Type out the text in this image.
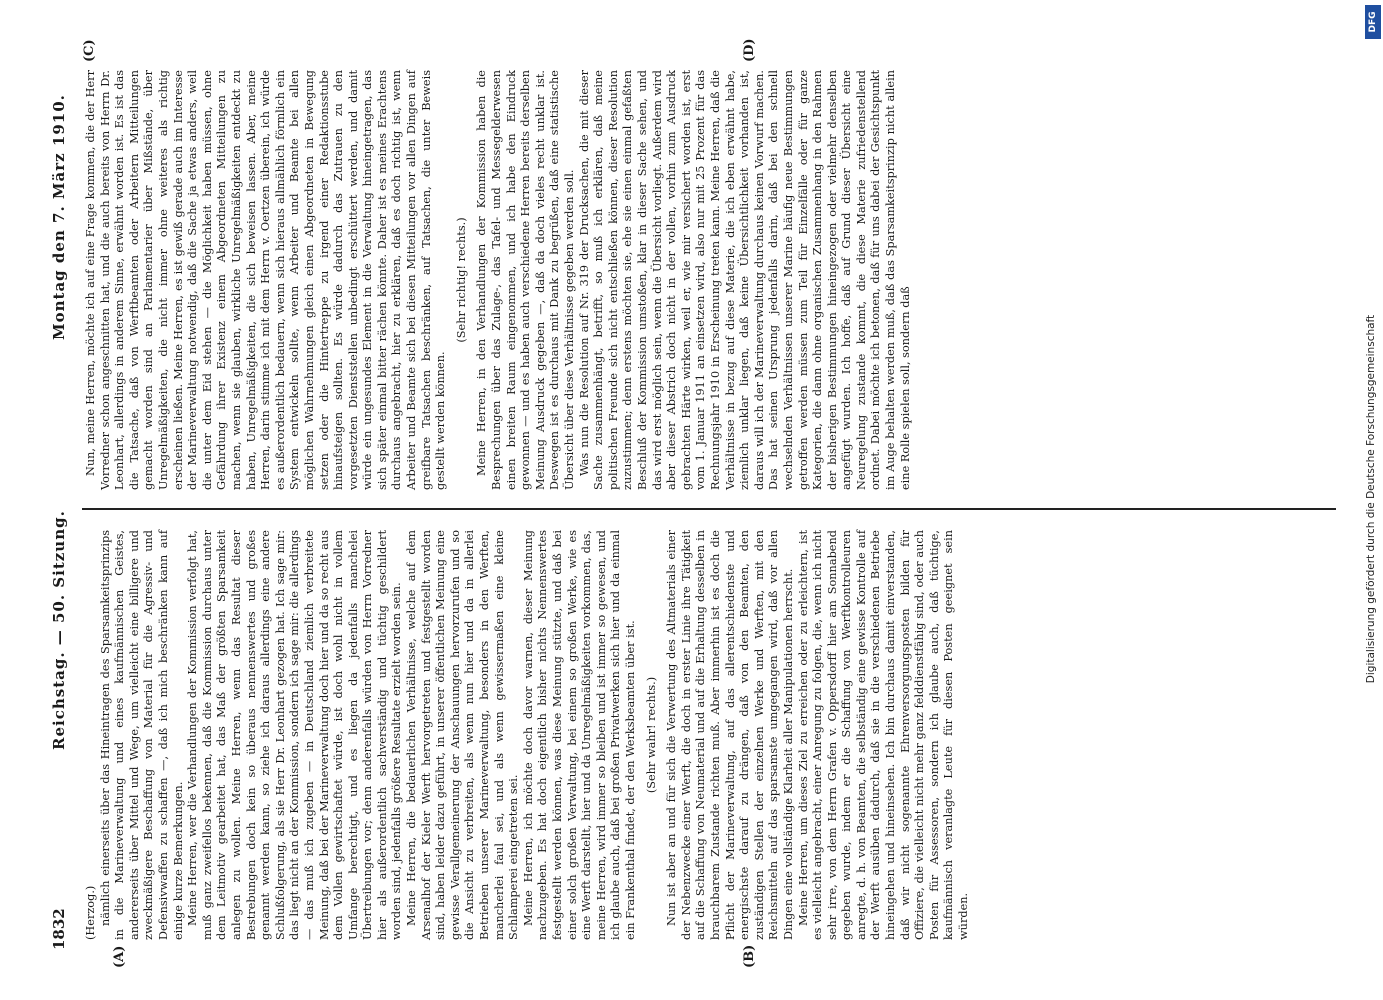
1832
Reichstag. — 50. Sitzung.
Montag den 7. März 1910.
(A)	(B)
(C)	(D)

(Herzog.) nämlich einerseits über das Hineintragen des Sparsamkeitsprinzips in die Marineverwaltung und eines kaufmännischen Geistes, andererseits über Mittel und Wege, um vielleicht eine billigere und zweckmäßigere Beschaffung von Material für die Agressiv- und Defensivwaffen zu schaffen —, daß ich mich beschränken kann auf einige kurze Bemerkungen. Meine Herren, wer die Verhandlungen der Kommission verfolgt hat, muß ganz zweifellos bekennen, daß die Kommission durchaus unter dem Leitmotiv gearbeitet hat, das Maß der größten Sparsamkeit anlegen zu wollen. Meine Herren, wenn das Resultat dieser Bestrebungen doch kein so überaus nennenswertes und großes genannt werden kann, so ziehe ich daraus allerdings eine andere Schlußfolgerung, als sie Herr Dr. Leonhart gezogen hat. Ich sage mir: das liegt nicht an der Kommission, sondern ich sage mir: die allerdings — das muß ich zugeben — in Deutschland ziemlich verbreitete Meinung, daß bei der Marineverwaltung doch hier und da so recht aus dem Vollen gewirtschaftet würde, ist doch wohl nicht in vollem Umfange berechtigt, und es liegen da jedenfalls manchelei Übertreibungen vor; denn anderenfalls würden von Herrn Vorredner hier als außerordentlich sachverständig und tüchtig geschildert worden sind, jedenfalls größere Resultate erzielt worden sein. Meine Herren, die bedauerlichen Verhältnisse, welche auf dem Arsenalhof der Kieler Werft hervorgetreten und festgestellt worden sind, haben leider dazu geführt, in unserer öffentlichen Meinung eine gewisse Verallgemeinerung der Anschauungen hervorzurufen und so die Ansicht zu verbreiten, als wenn nun hier und da in allerlei Betrieben unserer Marineverwaltung, besonders in den Werften, mancherlei faul sei, und als wenn gewissermaßen eine kleine Schlamperei eingetreten sei. Meine Herren, ich möchte doch davor warnen, dieser Meinung nachzugeben. Es hat doch eigentlich bisher nichts Nennenswertes festgestellt werden können, was diese Meinung stützte, und daß bei einer solch großen Verwaltung, bei einem so großen Werke, wie es eine Werft darstellt, hier und da Unregelmäßigkeiten vorkommen, das, meine Herren, wird immer so bleiben und ist immer so gewesen, und ich glaube auch, daß bei großen Privatwerken sich hier und da einmal ein Frankenthal findet, der den Werksbeamten über ist. (Sehr wahr! rechts.) Nun ist aber an und für sich die Verwertung des Altmaterials einer der Nebenzwecke einer Werft, die doch in erster Linie ihre Tätigkeit auf die Schaffung von Neumaterial und auf die Erhaltung desselben in brauchbarem Zustande richten muß. Aber immerhin ist es doch die Pflicht der Marineverwaltung, auf das allerentschiedenste und energischste darauf zu drängen, daß von den Beamten, den zuständigen Stellen der einzelnen Werke und Werften, mit den Reichsmitteln auf das sparsamste umgegangen wird, daß vor allen Dingen eine vollständige Klarheit aller Manipulationen herrscht. Meine Herren, um dieses Ziel zu erreichen oder zu erleichtern, ist es vielleicht angebracht, einer Anregung zu folgen, die, wenn ich nicht sehr irre, von dem Herrn Grafen v. Oppersdorff hier am Sonnabend gegeben wurde, indem er die Schaffung von Werftkontrolleuren anregte, d. h. von Beamten, die selbständig eine gewisse Kontrolle auf der Werft ausüben dadurch, daß sie in die verschiedenen Betriebe hineingehen und hineinsehen. Ich bin durchaus damit einverstanden, daß wir nicht sogenannte Ehrenversorgungsposten bilden für Offiziere, die vielleicht nicht mehr ganz felddienstfähig sind, oder auch Posten für Assessoren, sondern ich glaube auch, daß tüchtige, kaufmännisch veranlagte Leute für diesen Posten geeignet sein würden.

Nun, meine Herren, möchte ich auf eine Frage kommen, die der Herr Vorredner schon angeschnitten hat, und die auch bereits von Herrn Dr. Leonhart, allerdings in anderem Sinne, erwähnt worden ist. Es ist das die Tatsache, daß von Werftbeamten oder Arbeitern Mitteilungen gemacht worden sind an Parlamentarier über Mißstände, über Unregelmäßigkeiten, die nicht immer ohne weiteres als richtig erscheinen ließen. Meine Herren, es ist gewiß gerade auch im Interesse der Marineverwaltung notwendig, daß die Sache ja etwas anders, weil die unter dem Eid stehen — die Möglichkeit haben müssen, ohne Gefährdung ihrer Existenz einem Abgeordneten Mitteilungen zu machen, wenn sie glauben, wirkliche Unregelmäßigkeiten entdeckt zu haben, Unregelmäßigkeiten, die sich beweisen lassen. Aber, meine Herren, darin stimme ich mit dem Herrn v. Oertzen überein, ich würde es außerordentlich bedauern, wenn sich hieraus allmählich förmlich ein System entwickeln sollte, wenn Arbeiter und Beamte bei allen möglichen Wahrnehmungen gleich einen Abgeordneten in Bewegung setzen oder die Hintertreppe zu irgend einer Redaktionsstube hinaufsteigen sollten. Es würde dadurch das Zutrauen zu den vorgesetzten Dienststellen unbedingt erschüttert werden, und damit würde ein ungesundes Element in die Verwaltung hineingetragen, das sich später einmal bitter rächen könnte. Daher ist es meines Erachtens durchaus angebracht, hier zu erklären, daß es doch richtig ist, wenn Arbeiter und Beamte sich bei diesen Mitteilungen vor allen Dingen auf greifbare Tatsachen beschränken, auf Tatsachen, die unter Beweis gestellt werden können.

(Sehr richtig! rechts.) Meine Herren, in den Verhandlungen der Kommission haben die Besprechungen über das Zulage-, das Tafel- und Messegelderwesen einen breiten Raum eingenommen, und ich habe den Eindruck gewonnen — und es haben auch verschiedene Herren bereits derselben Meinung Ausdruck gegeben —, daß da doch vieles recht unklar ist. Deswegen ist es durchaus mit Dank zu begrüßen, daß eine statistische Übersicht über diese Verhältnisse gegeben werden soll. Was nun die Resolution auf Nr. 319 der Drucksachen, die mit dieser Sache zusammenhängt, betrifft, so muß ich erklären, daß meine politischen Freunde sich nicht entschließen können, dieser Resolution zuzustimmen; denn erstens möchten sie, ehe sie einen einmal gefaßten Beschluß der Kommission umstoßen, klar in dieser Sache sehen, und das wird erst möglich sein, wenn die Übersicht vorliegt. Außerdem wird aber dieser Abstrich doch nicht in der vollen, vorhin zum Ausdruck gebrachten Härte wirken, weil er, wie mir versichert worden ist, erst vom 1. Januar 1911 an einsetzen wird, also nur mit 25 Prozent für das Rechnungsjahr 1910 in Erscheinung treten kann. Meine Herren, daß die Verhältnisse in bezug auf diese Materie, die ich eben erwähnt habe, ziemlich unklar liegen, daß keine Übersichtlichkeit vorhanden ist, daraus will ich der Marineverwaltung durchaus keinen Vorwurf machen. Das hat seinen Ursprung jedenfalls darin, daß bei den schnell wechselnden Verhältnissen unserer Marine häufig neue Bestimmungen getroffen werden müssen zum Teil für Einzelfälle oder für ganze Kategorien, die dann ohne organischen Zusammenhang in den Rahmen der bisherigen Bestimmungen hineingezogen oder vielmehr denselben angefügt wurden. Ich hoffe, daß auf Grund dieser Übersicht eine Neuregelung zustande kommt, die diese Materie zufriedenstellend ordnet. Dabei möchte ich betonen, daß für uns dabei der Gesichtspunkt im Auge behalten werden muß, daß das Sparsamkeitsprinzip nicht allein eine Rolle spielen soll, sondern daß	Digitalisierung gefördert durch die Deutsche Forschungsgemeinschaft
DFG
